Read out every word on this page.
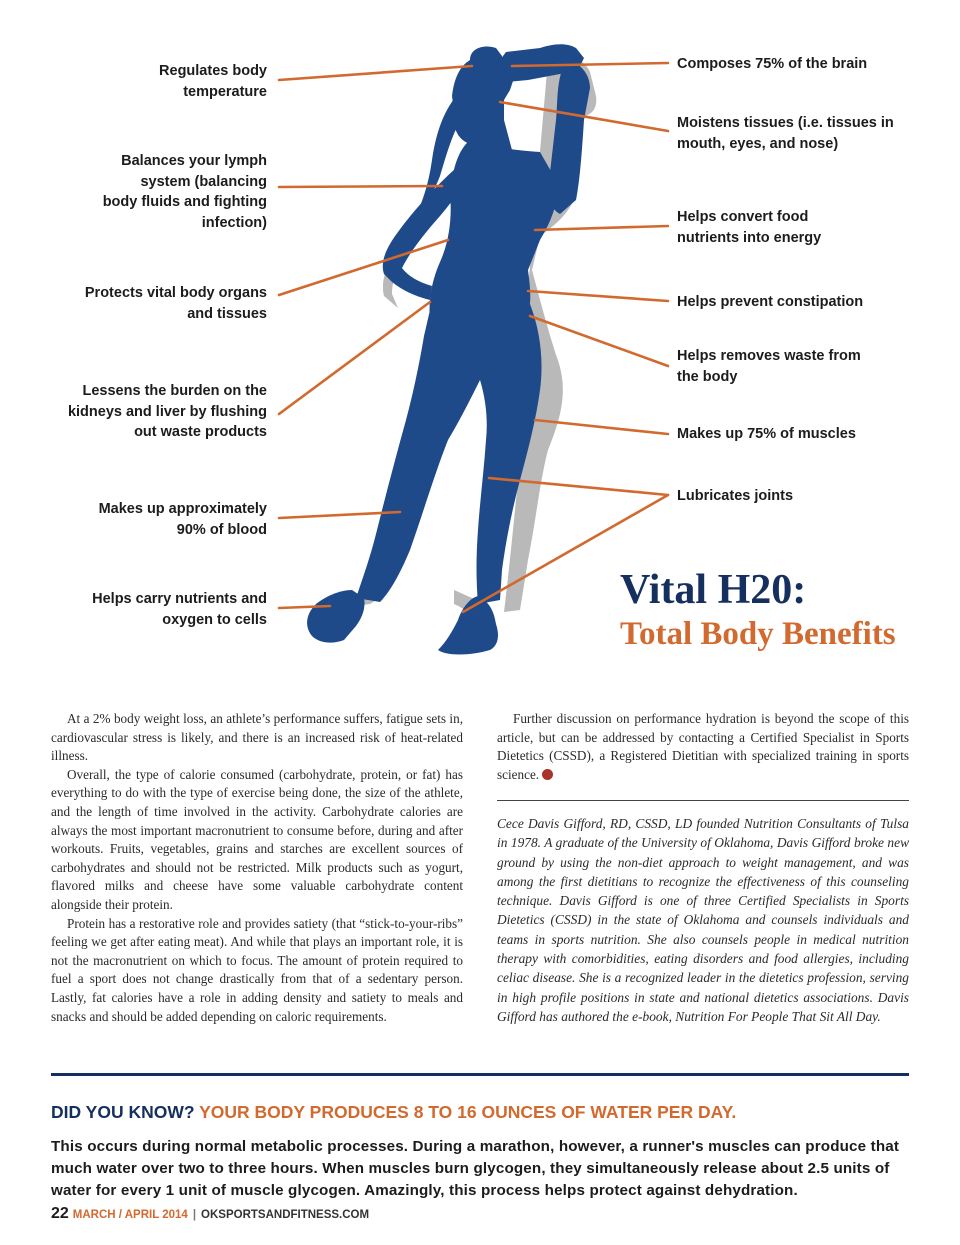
Regulates body
temperature
Balances your lymph
system (balancing
body fluids and fighting
infection)
Protects vital body organs
and tissues
Lessens the burden on the
kidneys and liver by flushing
out waste products
Makes up approximately
90% of blood
Helps carry nutrients and
oxygen to cells
Composes 75% of the brain
Moistens tissues (i.e. tissues in
mouth, eyes, and nose)
Helps convert food
nutrients into energy
Helps prevent constipation
Helps removes waste from
the body
Makes up 75% of muscles
Lubricates joints
Vital H20:
Total Body Benefits

At a 2% body weight loss, an athlete’s performance suffers, fatigue sets in, cardiovascular stress is likely, and there is an increased risk of heat-related illness.

Overall, the type of calorie consumed (carbohydrate, protein, or fat) has everything to do with the type of exercise being done, the size of the athlete, and the length of time involved in the activity. Carbohydrate calories are always the most important macronutrient to consume before, during and after workouts. Fruits, vegetables, grains and starches are excellent sources of carbohydrates and should not be restricted. Milk products such as yogurt, flavored milks and cheese have some valuable carbohydrate content alongside their protein.

Protein has a restorative role and provides satiety (that “stick-to-your-ribs” feeling we get after eating meat). And while that plays an important role, it is not the macronutrient on which to focus. The amount of protein required to fuel a sport does not change drastically from that of a sedentary person. Lastly, fat calories have a role in adding density and satiety to meals and snacks and should be added depending on caloric requirements.

Further discussion on performance hydration is beyond the scope of this article, but can be addressed by contacting a Certified Specialist in Sports Dietetics (CSSD), a Registered Dietitian with specialized training in sports science.

Cece Davis Gifford, RD, CSSD, LD founded Nutrition Consultants of Tulsa in 1978. A graduate of the University of Oklahoma, Davis Gifford broke new ground by using the non-diet approach to weight management, and was among the first dietitians to recognize the effectiveness of this counseling technique. Davis Gifford is one of three Certified Specialists in Sports Dietetics (CSSD) in the state of Oklahoma and counsels individuals and teams in sports nutrition. She also counsels people in medical nutrition therapy with comorbidities, eating disorders and food allergies, including celiac disease. She is a recognized leader in the dietetics profession, serving in high profile positions in state and national dietetics associations. Davis Gifford has authored the e-book, Nutrition For People That Sit All Day.
DID YOU KNOW? YOUR BODY PRODUCES 8 TO 16 OUNCES OF WATER PER DAY.
This occurs during normal metabolic processes. During a marathon, however, a runner's muscles can produce that much water over two to three hours. When muscles burn glycogen, they simultaneously release about 2.5 units of water for every 1 unit of muscle glycogen. Amazingly, this process helps protect against dehydration.
22 MARCH / APRIL 2014 | OKSPORTSANDFITNESS.COM
